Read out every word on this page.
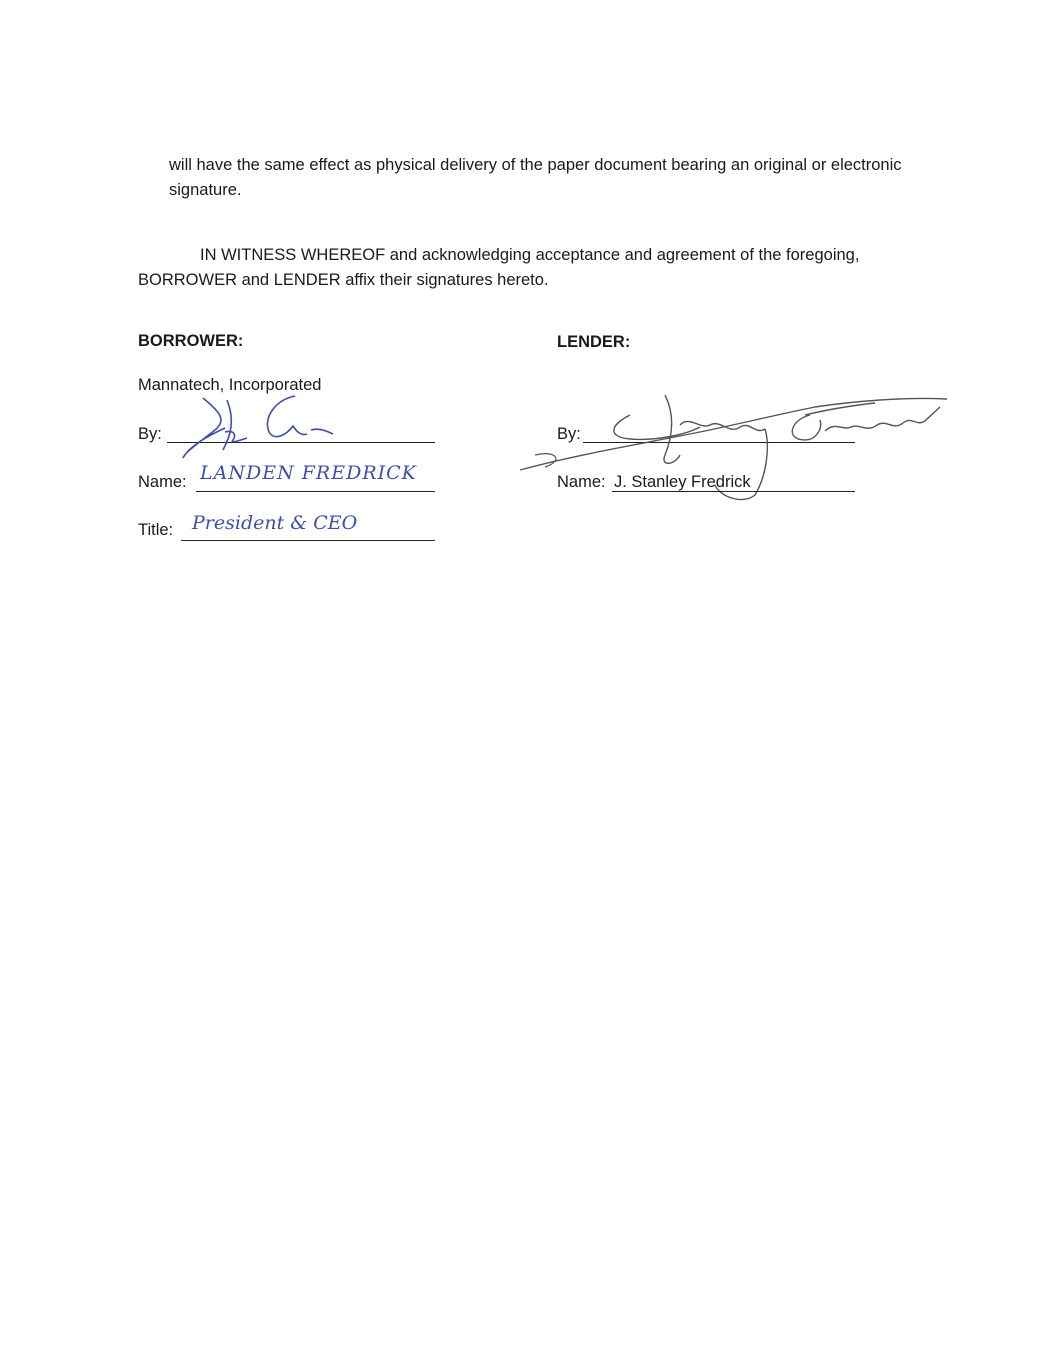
will have the same effect as physical delivery of the paper document bearing an original or electronic signature.

IN WITNESS WHEREOF and acknowledging acceptance and agreement of the foregoing, BORROWER and LENDER affix their signatures hereto.

BORROWER:

Mannatech, Incorporated
By:
Name: LANDEN FREDRICK
Title: President & CEO

LENDER:

By:
Name: J. Stanley Fredrick
